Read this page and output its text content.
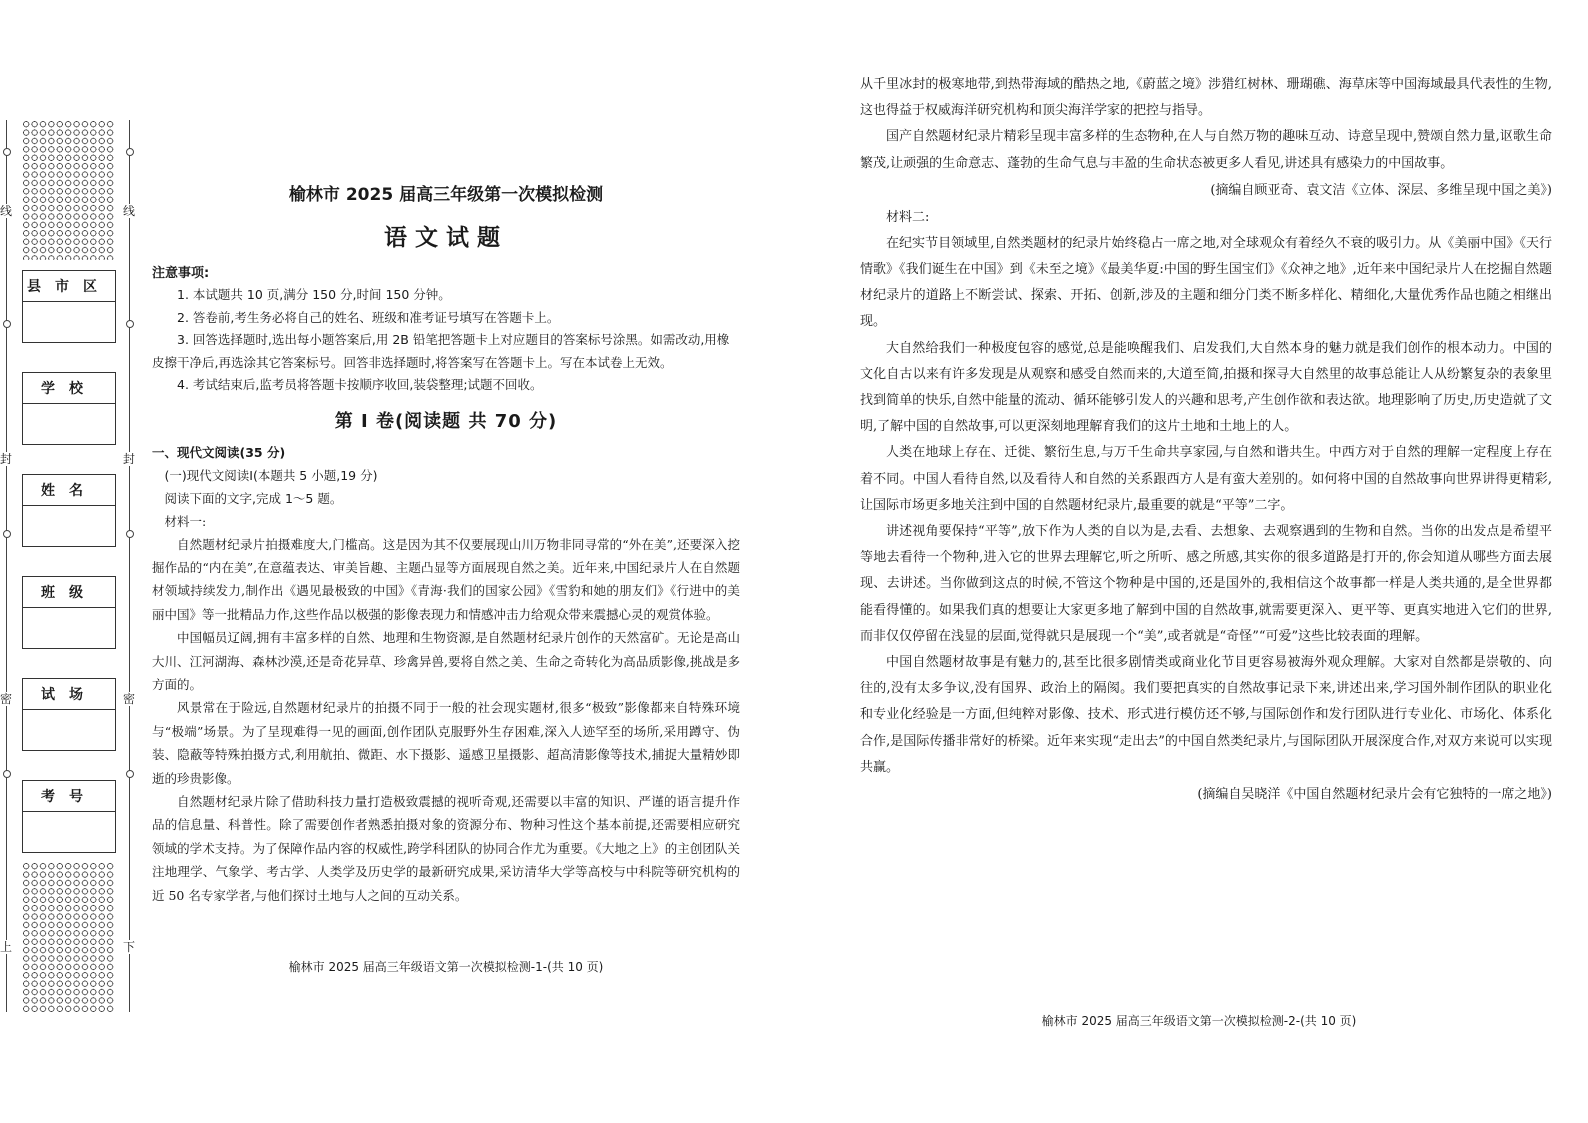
线
封
密
上
线
封
密
下
县市区
学校
姓名
班级
试场
考号
榆林市 2025 届高三年级第一次模拟检测
语文试题

注意事项:

1. 本试题共 10 页,满分 150 分,时间 150 分钟。

2. 答卷前,考生务必将自己的姓名、班级和准考证号填写在答题卡上。

3. 回答选择题时,选出每小题答案后,用 2B 铅笔把答题卡上对应题目的答案标号涂黑。如需改动,用橡皮擦干净后,再选涂其它答案标号。回答非选择题时,将答案写在答题卡上。写在本试卷上无效。

4. 考试结束后,监考员将答题卡按顺序收回,装袋整理;试题不回收。

第 Ⅰ 卷(阅读题 共 70 分)

一、现代文阅读(35 分)

(一)现代文阅读Ⅰ(本题共 5 小题,19 分)

阅读下面的文字,完成 1～5 题。

材料一:

自然题材纪录片拍摄难度大,门槛高。这是因为其不仅要展现山川万物非同寻常的“外在美”,还要深入挖掘作品的“内在美”,在意蕴表达、审美旨趣、主题凸显等方面展现自然之美。近年来,中国纪录片人在自然题材领域持续发力,制作出《遇见最极致的中国》《青海·我们的国家公园》《雪豹和她的朋友们》《行进中的美丽中国》等一批精品力作,这些作品以极强的影像表现力和情感冲击力给观众带来震撼心灵的观赏体验。

中国幅员辽阔,拥有丰富多样的自然、地理和生物资源,是自然题材纪录片创作的天然富矿。无论是高山大川、江河湖海、森林沙漠,还是奇花异草、珍禽异兽,要将自然之美、生命之奇转化为高品质影像,挑战是多方面的。

风景常在于险远,自然题材纪录片的拍摄不同于一般的社会现实题材,很多“极致”影像都来自特殊环境与“极端”场景。为了呈现难得一见的画面,创作团队克服野外生存困难,深入人迹罕至的场所,采用蹲守、伪装、隐蔽等特殊拍摄方式,利用航拍、微距、水下摄影、遥感卫星摄影、超高清影像等技术,捕捉大量精妙即逝的珍贵影像。

自然题材纪录片除了借助科技力量打造极致震撼的视听奇观,还需要以丰富的知识、严谨的语言提升作品的信息量、科普性。除了需要创作者熟悉拍摄对象的资源分布、物种习性这个基本前提,还需要相应研究领域的学术支持。为了保障作品内容的权威性,跨学科团队的协同合作尤为重要。《大地之上》的主创团队关注地理学、气象学、考古学、人类学及历史学的最新研究成果,采访清华大学等高校与中科院等研究机构的近 50 名专家学者,与他们探讨土地与人之间的互动关系。

榆林市 2025 届高三年级语文第一次模拟检测-1-(共 10 页)

从千里冰封的极寒地带,到热带海域的酷热之地,《蔚蓝之境》涉猎红树林、珊瑚礁、海草床等中国海域最具代表性的生物,这也得益于权威海洋研究机构和顶尖海洋学家的把控与指导。

国产自然题材纪录片精彩呈现丰富多样的生态物种,在人与自然万物的趣味互动、诗意呈现中,赞颂自然力量,讴歌生命繁茂,让顽强的生命意志、蓬勃的生命气息与丰盈的生命状态被更多人看见,讲述具有感染力的中国故事。

(摘编自顾亚奇、袁文洁《立体、深层、多维呈现中国之美》)

材料二:

在纪实节目领域里,自然类题材的纪录片始终稳占一席之地,对全球观众有着经久不衰的吸引力。从《美丽中国》《天行情歌》《我们诞生在中国》到《未至之境》《最美华夏:中国的野生国宝们》《众神之地》,近年来中国纪录片人在挖掘自然题材纪录片的道路上不断尝试、探索、开拓、创新,涉及的主题和细分门类不断多样化、精细化,大量优秀作品也随之相继出现。

大自然给我们一种极度包容的感觉,总是能唤醒我们、启发我们,大自然本身的魅力就是我们创作的根本动力。中国的文化自古以来有许多发现是从观察和感受自然而来的,大道至简,拍摄和探寻大自然里的故事总能让人从纷繁复杂的表象里找到简单的快乐,自然中能量的流动、循环能够引发人的兴趣和思考,产生创作欲和表达欲。地理影响了历史,历史造就了文明,了解中国的自然故事,可以更深刻地理解育我们的这片土地和土地上的人。

人类在地球上存在、迁徙、繁衍生息,与万千生命共享家园,与自然和谐共生。中西方对于自然的理解一定程度上存在着不同。中国人看待自然,以及看待人和自然的关系跟西方人是有蛮大差别的。如何将中国的自然故事向世界讲得更精彩,让国际市场更多地关注到中国的自然题材纪录片,最重要的就是“平等”二字。

讲述视角要保持“平等”,放下作为人类的自以为是,去看、去想象、去观察遇到的生物和自然。当你的出发点是希望平等地去看待一个物种,进入它的世界去理解它,听之所听、感之所感,其实你的很多道路是打开的,你会知道从哪些方面去展现、去讲述。当你做到这点的时候,不管这个物种是中国的,还是国外的,我相信这个故事都一样是人类共通的,是全世界都能看得懂的。如果我们真的想要让大家更多地了解到中国的自然故事,就需要更深入、更平等、更真实地进入它们的世界,而非仅仅停留在浅显的层面,觉得就只是展现一个“美”,或者就是“奇怪”“可爱”这些比较表面的理解。

中国自然题材故事是有魅力的,甚至比很多剧情类或商业化节目更容易被海外观众理解。大家对自然都是崇敬的、向往的,没有太多争议,没有国界、政治上的隔阂。我们要把真实的自然故事记录下来,讲述出来,学习国外制作团队的职业化和专业化经验是一方面,但纯粹对影像、技术、形式进行模仿还不够,与国际创作和发行团队进行专业化、市场化、体系化合作,是国际传播非常好的桥梁。近年来实现“走出去”的中国自然类纪录片,与国际团队开展深度合作,对双方来说可以实现共赢。

(摘编自吴晓洋《中国自然题材纪录片会有它独特的一席之地》)

榆林市 2025 届高三年级语文第一次模拟检测-2-(共 10 页)
